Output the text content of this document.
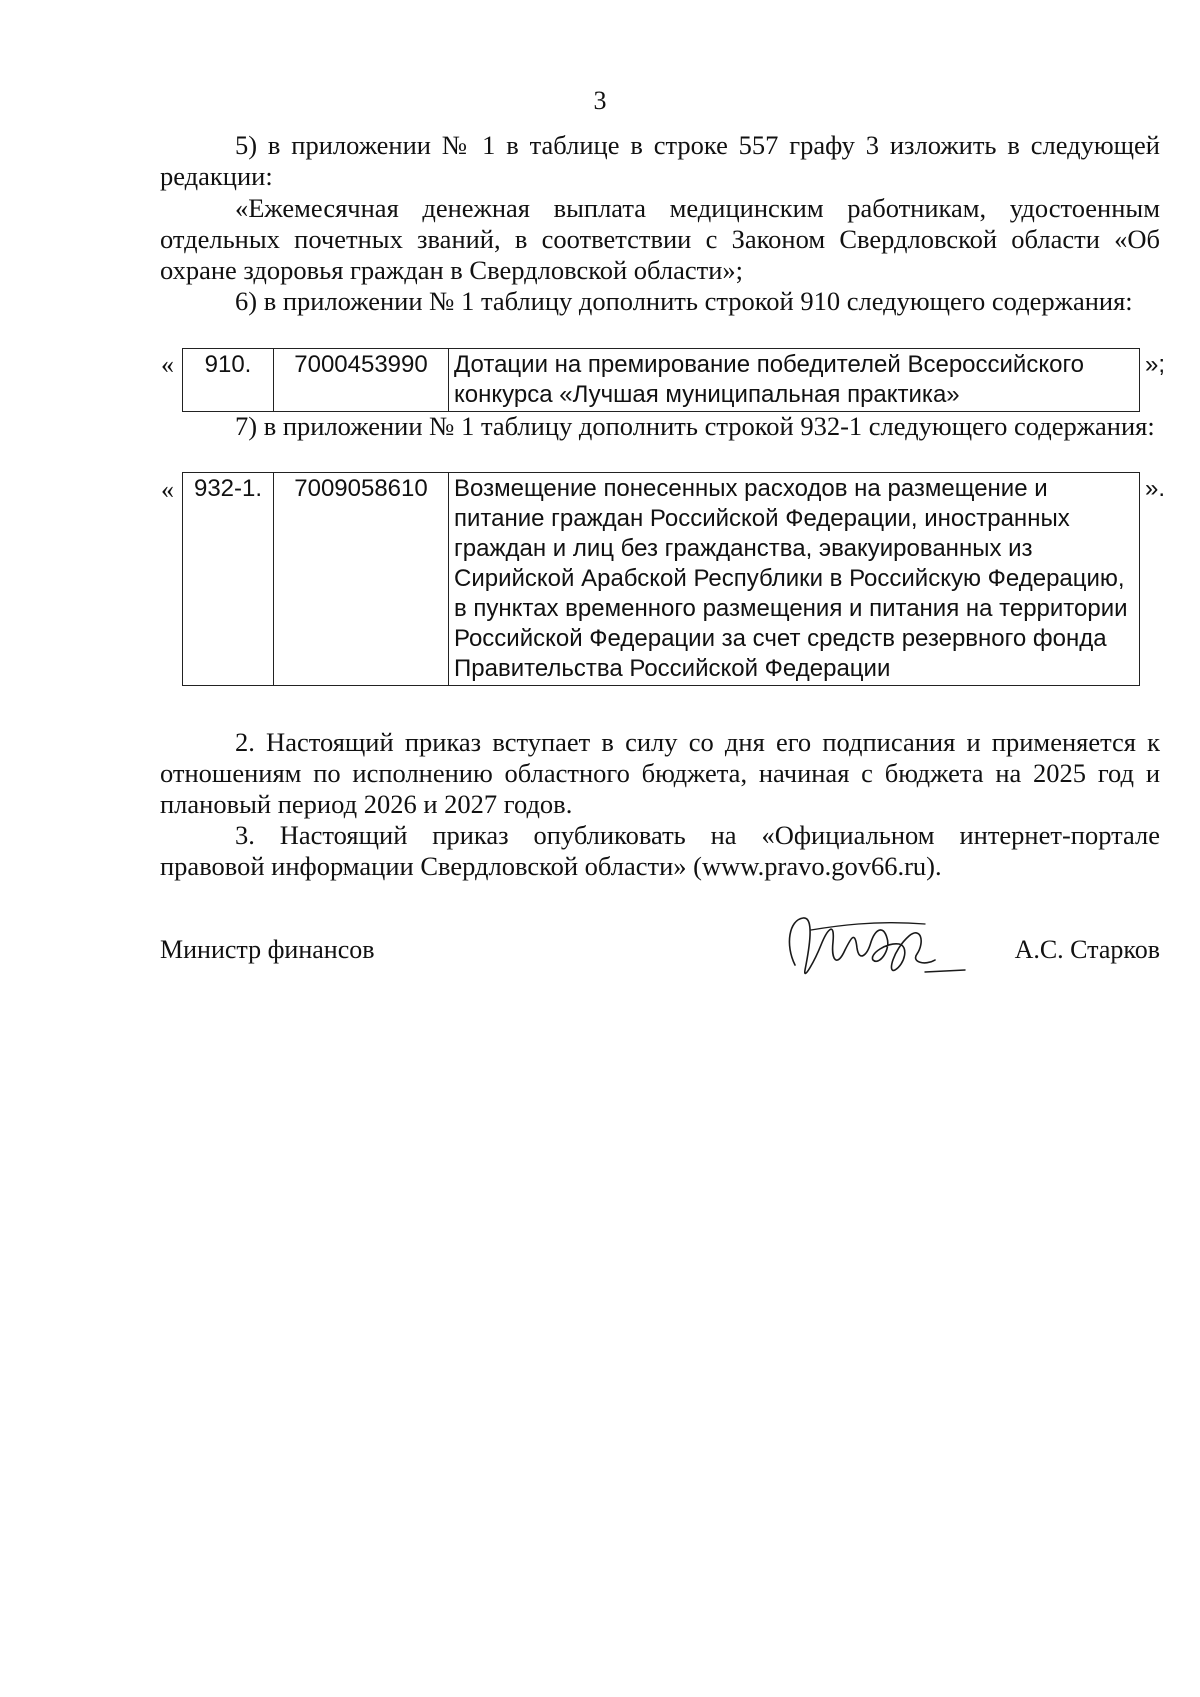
3
5) в приложении № 1 в таблице в строке 557 графу 3 изложить в следующей редакции:
«Ежемесячная денежная выплата медицинским работникам, удостоенным отдельных почетных званий, в соответствии с Законом Свердловской области «Об охране здоровья граждан в Свердловской области»;
6) в приложении № 1 таблицу дополнить строкой 910 следующего содержания:
« 910.	7000453990	Дотации на премирование победителей Всероссийского конкурса «Лучшая муниципальная практика»	»;
7) в приложении № 1 таблицу дополнить строкой 932-1 следующего содержания:
« 932-1.	7009058610	Возмещение понесенных расходов на размещение и питание граждан Российской Федерации, иностранных граждан и лиц без гражданства, эвакуированных из Сирийской Арабской Республики в Российскую Федерацию, в пунктах временного размещения и питания на территории Российской Федерации за счет средств резервного фонда Правительства Российской Федерации	».
2. Настоящий приказ вступает в силу со дня его подписания и применяется к отношениям по исполнению областного бюджета, начиная с бюджета на 2025 год и плановый период 2026 и 2027 годов.
3. Настоящий приказ опубликовать на «Официальном интернет-портале правовой информации Свердловской области» (www.pravo.gov66.ru).
Министр финансов	А.С. Старков
